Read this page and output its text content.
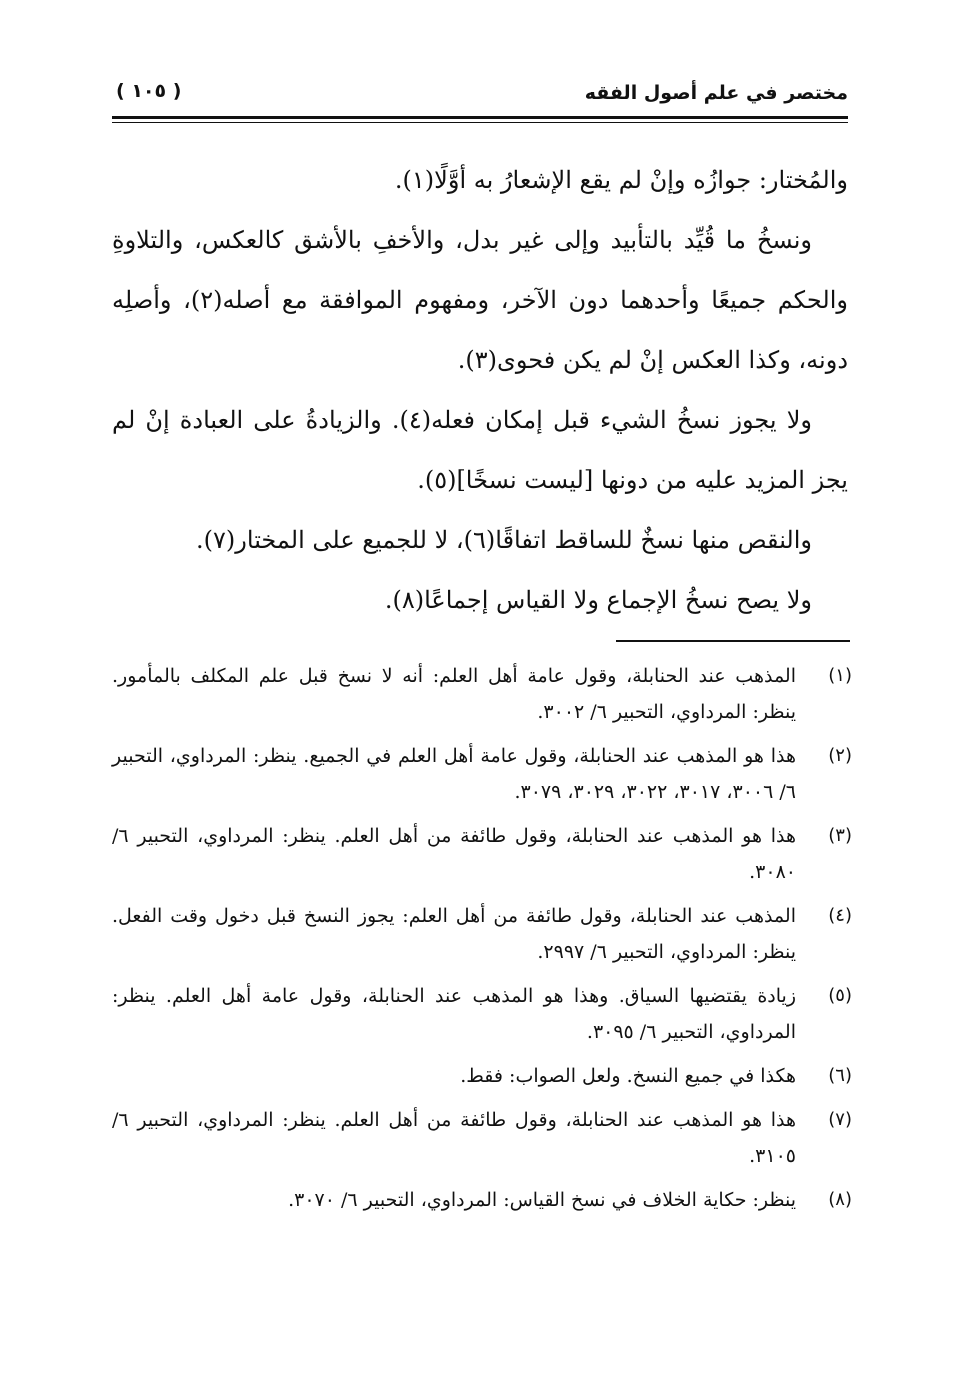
مختصر في علم أصول الفقه
( ١٠٥ )

والمُختار: جوازُه وإنْ لم يقع الإشعارُ به أوَّلًا(١).

ونسخُ ما قُيِّد بالتأبيد وإلى غير بدل، والأخفِ بالأشق كالعكس، والتلاوةِ والحكم جميعًا وأحدهما دون الآخر، ومفهوم الموافقة مع أصله(٢)، وأصلِه دونه، وكذا العكس إنْ لم يكن فحوى(٣).

ولا يجوز نسخُ الشيء قبل إمكان فعله(٤). والزيادةُ على العبادة إنْ لم يجز المزيد عليه من دونها [ليست نسخًا](٥).

والنقص منها نسخٌ للساقط اتفاقًا(٦)، لا للجميع على المختار(٧).

ولا يصح نسخُ الإجماع ولا القياس إجماعًا(٨).

(١)
المذهب عند الحنابلة، وقول عامة أهل العلم: أنه لا نسخ قبل علم المكلف بالمأمور. ينظر: المرداوي، التحبير ٦/ ٣٠٠٢.
(٢)
هذا هو المذهب عند الحنابلة، وقول عامة أهل العلم في الجميع. ينظر: المرداوي، التحبير ٦/ ٣٠٠٦، ٣٠١٧، ٣٠٢٢، ٣٠٢٩، ٣٠٧٩.
(٣)
هذا هو المذهب عند الحنابلة، وقول طائفة من أهل العلم. ينظر: المرداوي، التحبير ٦/ ٣٠٨٠.
(٤)
المذهب عند الحنابلة، وقول طائفة من أهل العلم: يجوز النسخ قبل دخول وقت الفعل. ينظر: المرداوي، التحبير ٦/ ٢٩٩٧.
(٥)
زيادة يقتضيها السياق. وهذا هو المذهب عند الحنابلة، وقول عامة أهل العلم. ينظر: المرداوي، التحبير ٦/ ٣٠٩٥.
(٦)
هكذا في جميع النسخ. ولعل الصواب: فقط.
(٧)
هذا هو المذهب عند الحنابلة، وقول طائفة من أهل العلم. ينظر: المرداوي، التحبير ٦/ ٣١٠٥.
(٨)
ينظر: حكاية الخلاف في نسخ القياس: المرداوي، التحبير ٦/ ٣٠٧٠.
